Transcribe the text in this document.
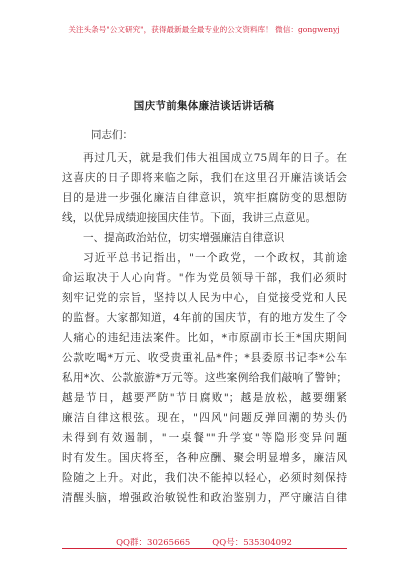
关注头条号"公文研究"，获得最新最全最专业的公文资料库！ 微信：gongwenyj
国庆节前集体廉洁谈话讲话稿
同志们：
再过几天，就是我们伟大祖国成立75周年的日子。在
这喜庆的日子即将来临之际，我们在这里召开廉洁谈话会
目的是进一步强化廉洁自律意识，筑牢拒腐防变的思想防
线，以优异成绩迎接国庆佳节。下面，我讲三点意见。
一、提高政治站位，切实增强廉洁自律意识
习近平总书记指出，"一个政党，一个政权，其前途
命运取决于人心向背。"作为党员领导干部，我们必须时
刻牢记党的宗旨，坚持以人民为中心，自觉接受党和人民
的监督。大家都知道，4年前的国庆节，有的地方发生了令
人痛心的违纪违法案件。比如，*市原副市长王*国庆期间
公款吃喝*万元、收受贵重礼品*件；*县委原书记李*公车
私用*次、公款旅游*万元等。这些案例给我们敲响了警钟；
越是节日，越要严防"节日腐败"；越是放松，越要绷紧
廉洁自律这根弦。现在，"四风"问题反弹回潮的势头仍
未得到有效遏制，"一桌餐""升学宴"等隐形变异问题
时有发生。国庆将至，各种应酬、聚会明显增多，廉洁风
险随之上升。对此，我们决不能掉以轻心，必须时刻保持
清醒头脑，增强政治敏锐性和政治鉴别力，严守廉洁自律
QQ群：30265665	QQ号：535304092
